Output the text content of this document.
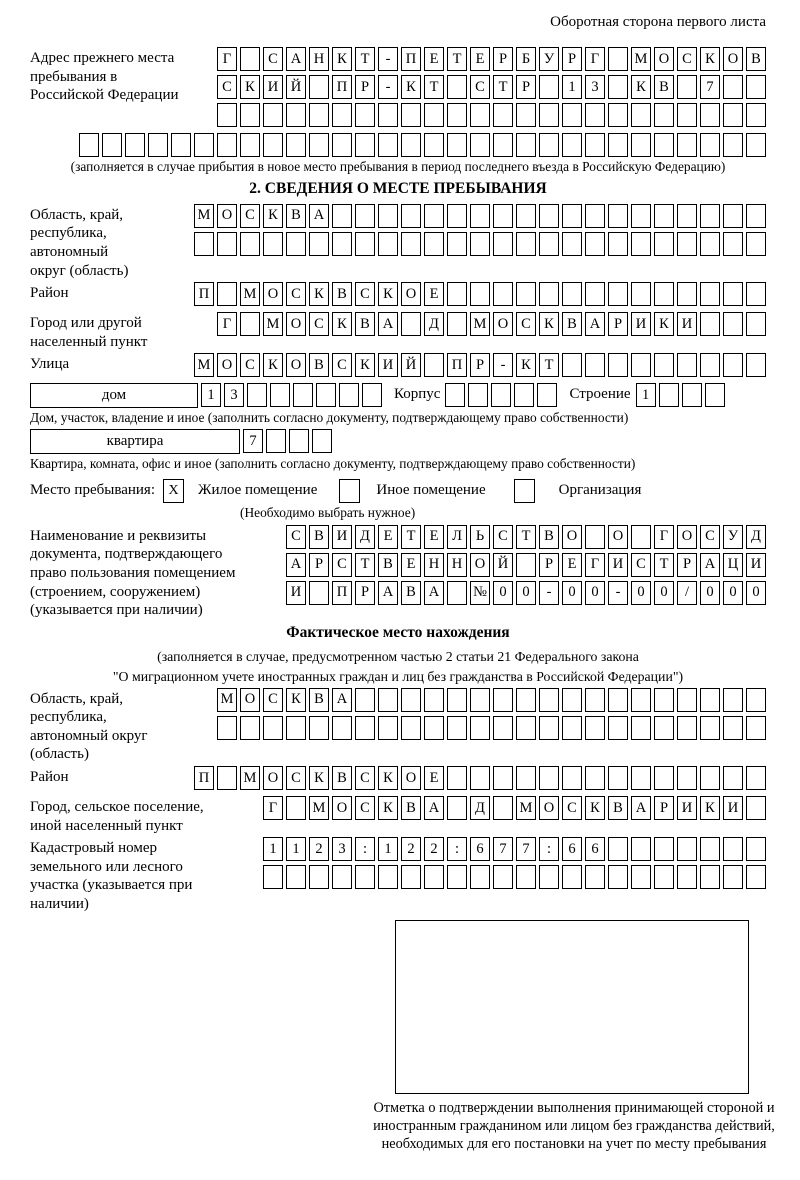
Оборотная сторона первого листа
Адрес прежнего места пребывания в Российской Федерации
Г	С А Н К Т	-	П Е Т Е	Р	Б У Р	Г	М О С К О В
С К И Й	П Р	-	К Т	С Т	Р	1	3	К В	7
(заполняется в случае прибытия в новое место пребывания в период последнего въезда в Российскую Федерацию)
2. СВЕДЕНИЯ О МЕСТЕ ПРЕБЫВАНИЯ
Область, край, республика, автономный округ (область)
М О С К В А
Район	П	М О С К В С К О Е
Город или другой населенный пункт
Г	М О С К В А	Д	М О С К В А Р И К И
Улица	М О С К О В С К И Й	П Р	-	К Т
дом	1	3	Корпус	Строение 1
Дом, участок, владение и иное (заполнить согласно документу, подтверждающему право собственности)
квартира	7
Квартира, комната, офис и иное (заполнить согласно документу, подтверждающему право собственности)
Место пребывания: X	Жилое помещение	Иное помещение	Организация
(Необходимо выбрать нужное)
Наименование и реквизиты документа, подтверждающего право пользования помещением (строением, сооружением) (указывается при наличии)
С В И Д Е Т Е Л Ь С Т В О	О	Г О С У Д
А Р С Т В Е Н Н О Й	Р	Е Г И С Т	Р А Ц И
И	П Р А В А	№ 0	0	-	0	0	-	0	0	/	0	0	0
Фактическое место нахождения
(заполняется в случае, предусмотренном частью 2 статьи 21 Федерального закона
"О миграционном учете иностранных граждан и лиц без гражданства в Российской Федерации")
Область, край, республика, автономный округ (область)
М О С К В А
Район	П	М О С К В С К О Е
Город, сельское поселение, иной населенный пункт
Г	М О С К В А	Д	М О С К В А Р И К И
Кадастровый номер земельного или лесного участка (указывается при наличии)
1	1	2	3	:	1	2	2	:	6	7	7	:	6	6
Отметка о подтверждении выполнения принимающей стороной и иностранным гражданином или лицом без гражданства действий, необходимых для его постановки на учет по месту пребывания
